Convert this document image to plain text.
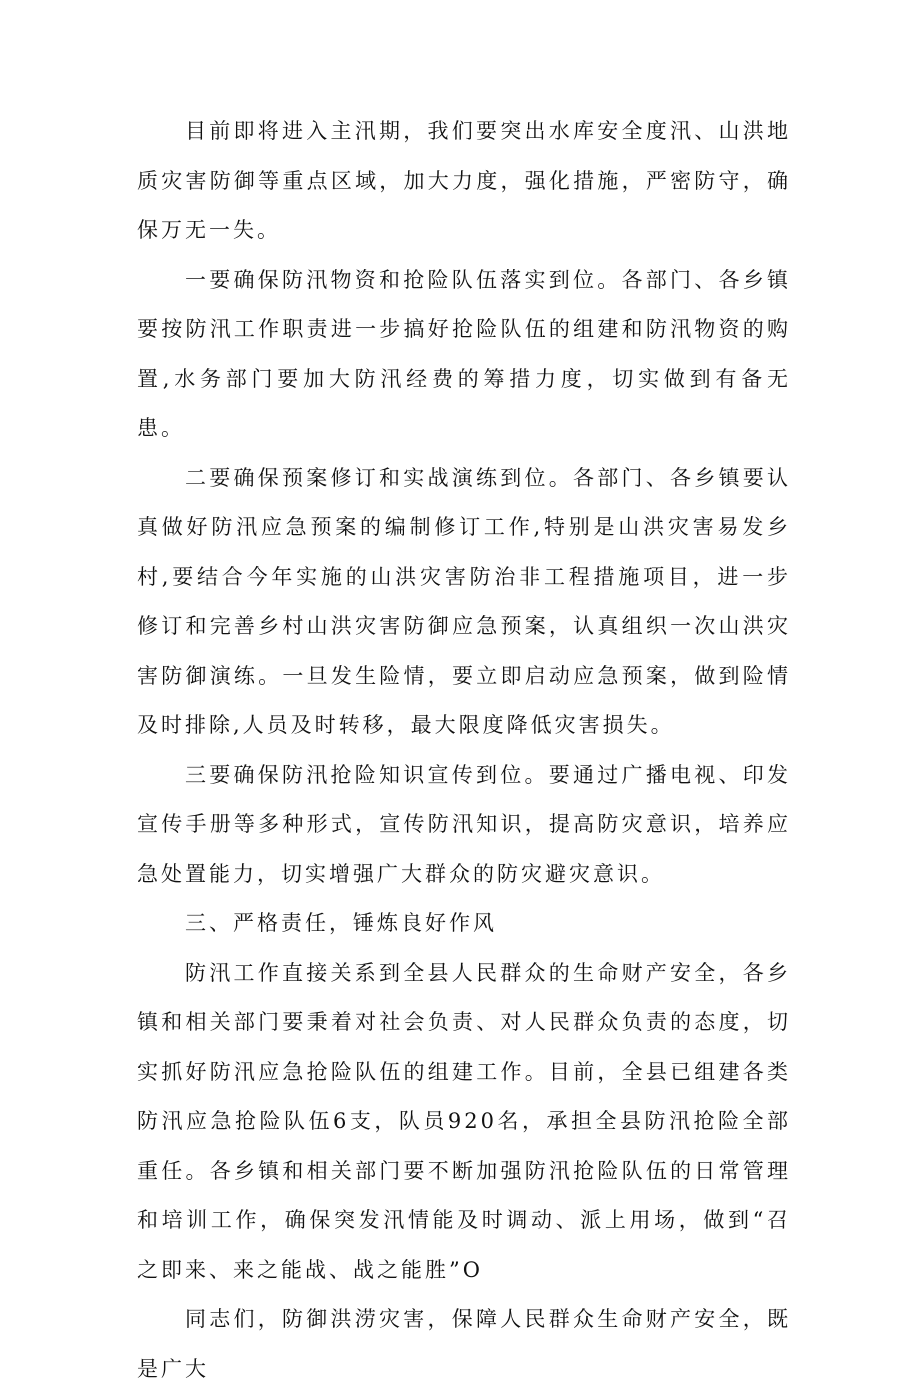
目前即将进入主汛期，我们要突出水库安全度汛、山洪地质灾害防御等重点区域，加大力度，强化措施，严密防守，确保万无一失。

一要确保防汛物资和抢险队伍落实到位。各部门、各乡镇要按防汛工作职责进一步搞好抢险队伍的组建和防汛物资的购置,水务部门要加大防汛经费的筹措力度，切实做到有备无患。

二要确保预案修订和实战演练到位。各部门、各乡镇要认真做好防汛应急预案的编制修订工作,特别是山洪灾害易发乡村,要结合今年实施的山洪灾害防治非工程措施项目，进一步修订和完善乡村山洪灾害防御应急预案，认真组织一次山洪灾害防御演练。一旦发生险情，要立即启动应急预案，做到险情及时排除,人员及时转移，最大限度降低灾害损失。

三要确保防汛抢险知识宣传到位。要通过广播电视、印发宣传手册等多种形式，宣传防汛知识，提高防灾意识，培养应急处置能力，切实增强广大群众的防灾避灾意识。

三、严格责任，锤炼良好作风

防汛工作直接关系到全县人民群众的生命财产安全，各乡镇和相关部门要秉着对社会负责、对人民群众负责的态度，切实抓好防汛应急抢险队伍的组建工作。目前，全县已组建各类防汛应急抢险队伍6支，队员920名，承担全县防汛抢险全部重任。各乡镇和相关部门要不断加强防汛抢险队伍的日常管理和培训工作，确保突发汛情能及时调动、派上用场，做到“召之即来、来之能战、战之能胜”O

同志们，防御洪涝灾害，保障人民群众生命财产安全，既是广大
